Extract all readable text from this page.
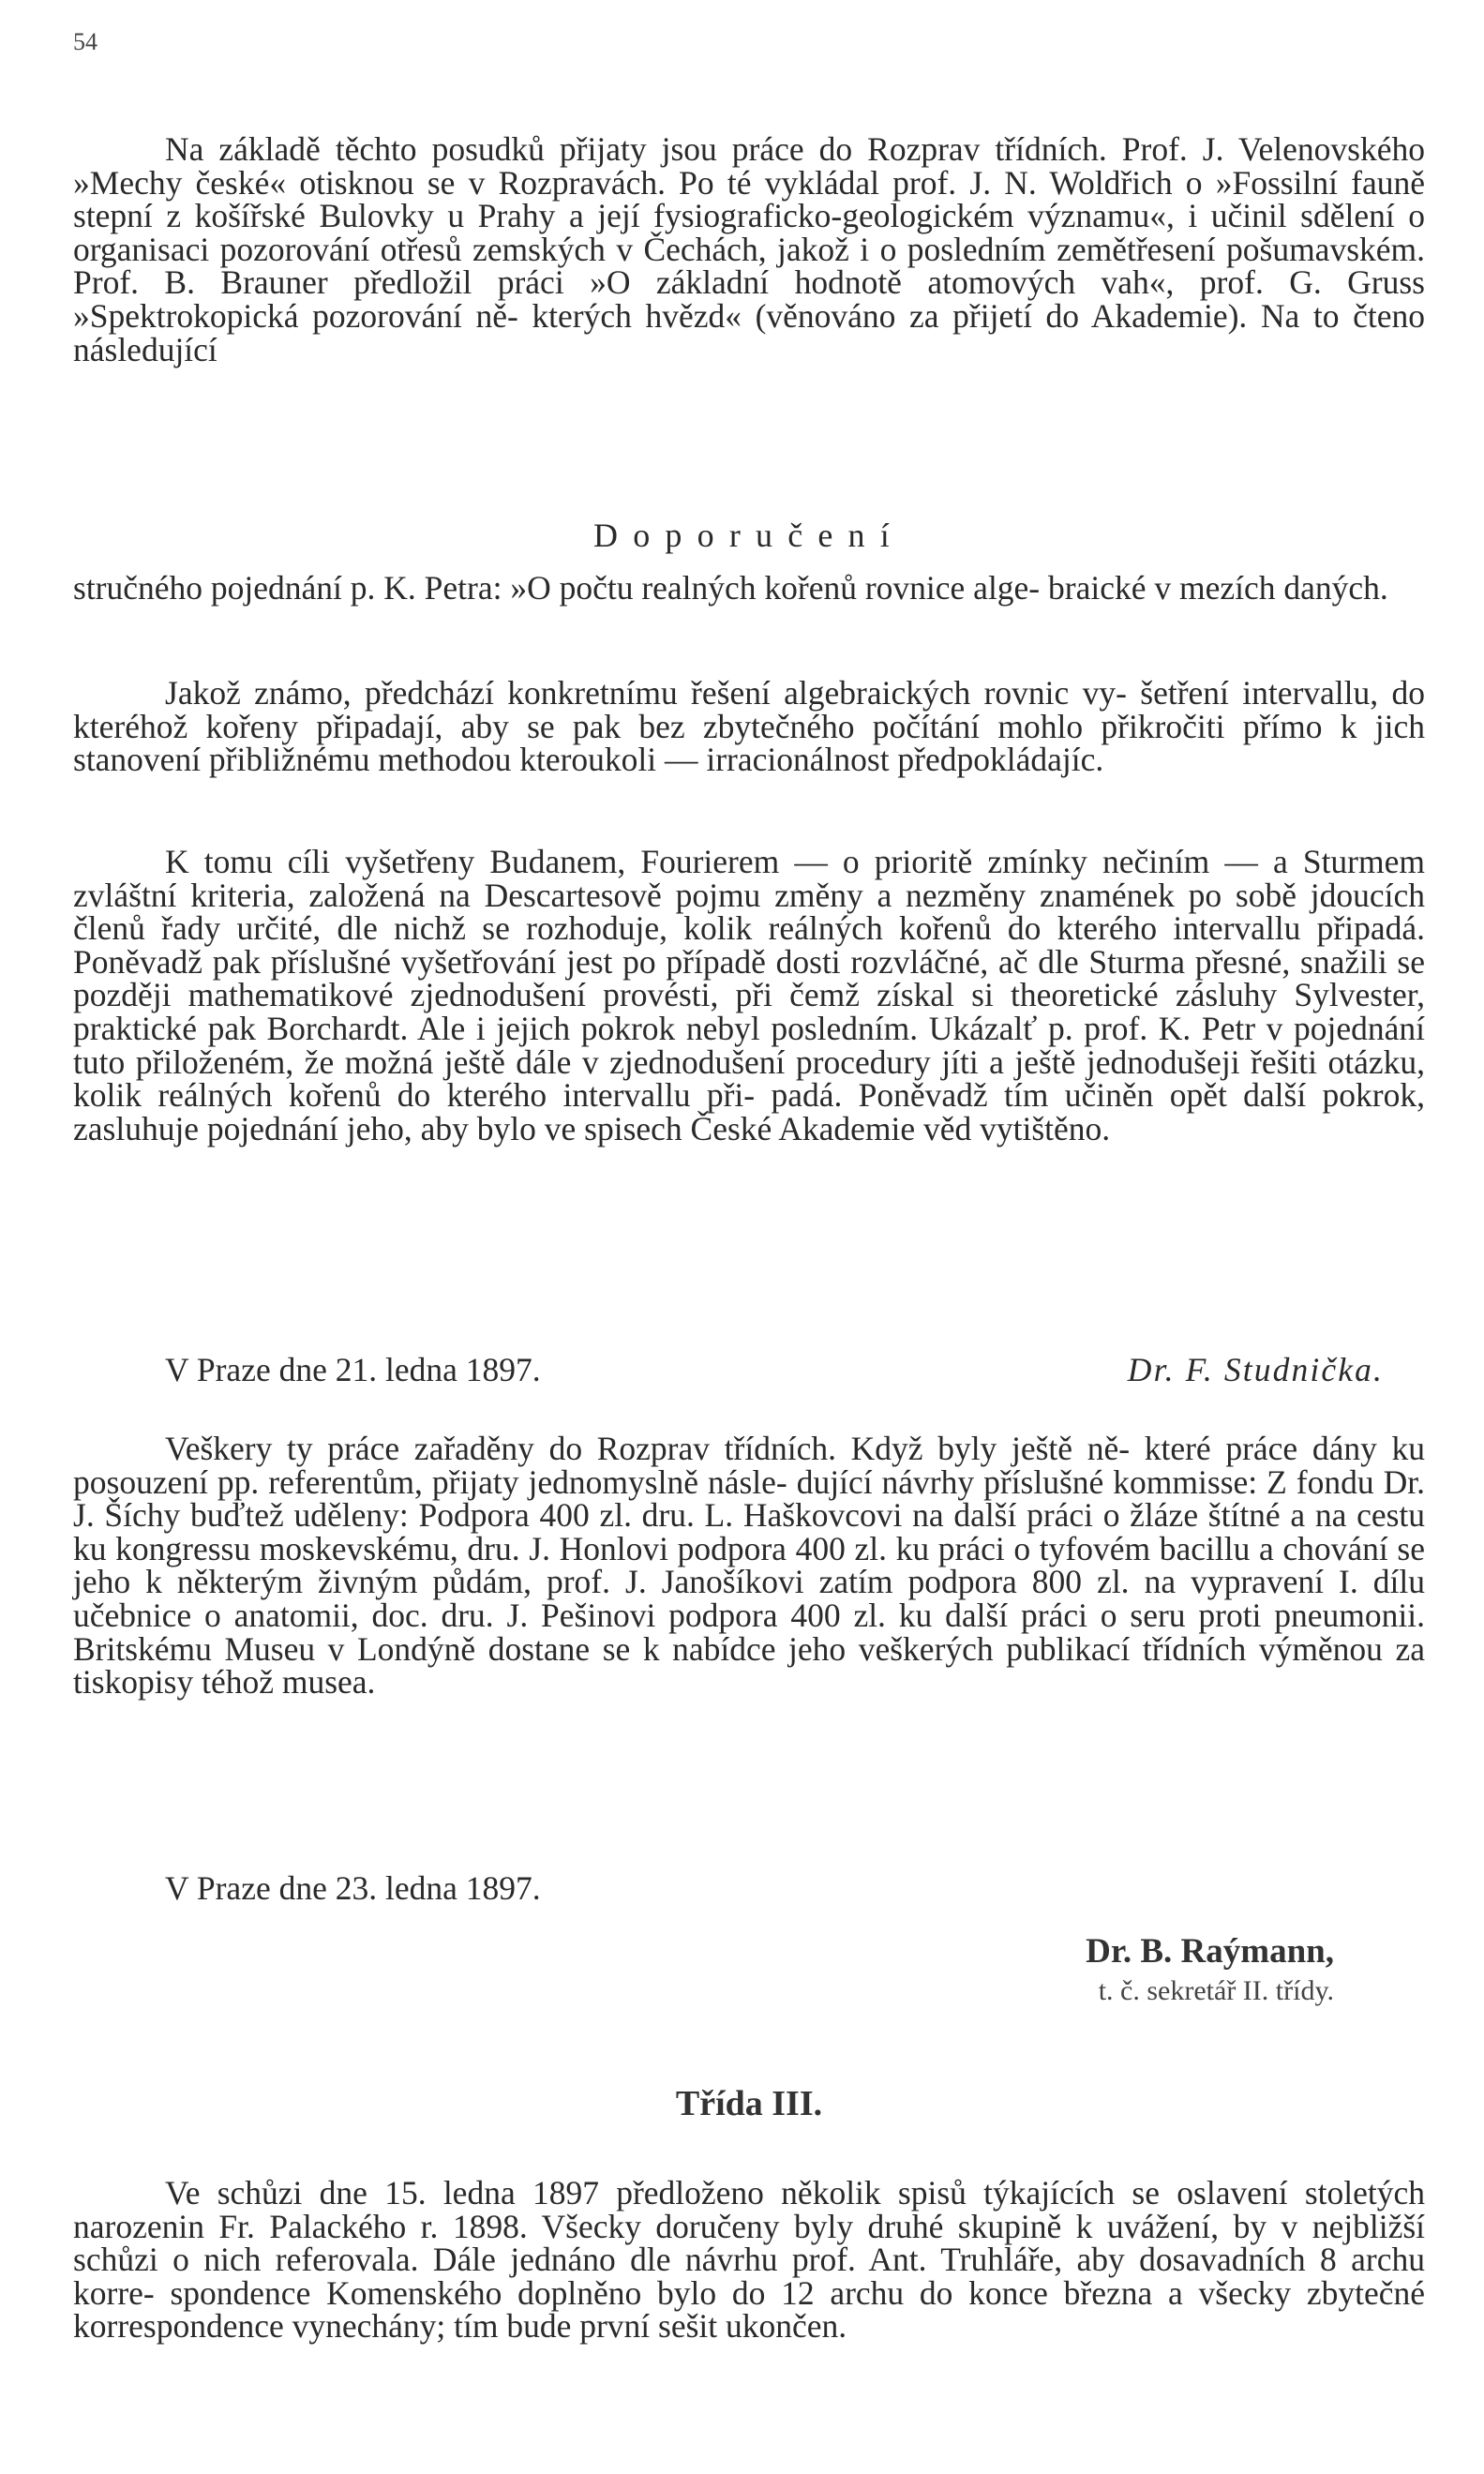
54

Na základě těchto posudků přijaty jsou práce do Rozprav třídních. Prof. J. Velenovského »Mechy české« otisknou se v Rozpravách. Po té vykládal prof. J. N. Woldřich o »Fossilní fauně stepní z košířské Bulovky u Prahy a její fysiograficko-geologickém významu«, i učinil sdělení o organisaci pozorování otřesů zemských v Čechách, jakož i o posledním zemětřesení pošumavském. Prof. B. Brauner předložil práci »O základní hodnotě atomových vah«, prof. G. Gruss »Spektrokopická pozorování ně- kterých hvězd« (věnováno za přijetí do Akademie). Na to čteno následující

Doporučení

stručného pojednání p. K. Petra: »O počtu realných kořenů rovnice alge- braické v mezích daných.

Jakož známo, předchází konkretnímu řešení algebraických rovnic vy- šetření intervallu, do kteréhož kořeny připadají, aby se pak bez zbytečného počítání mohlo přikročiti přímo k jich stanovení přibližnému methodou kteroukoli — irracionálnost předpokládajíc.

K tomu cíli vyšetřeny Budanem, Fourierem — o prioritě zmínky nečiním — a Sturmem zvláštní kriteria, založená na Descartesově pojmu změny a nezměny znamének po sobě jdoucích členů řady určité, dle nichž se rozhoduje, kolik reálných kořenů do kterého intervallu připadá. Poněvadž pak příslušné vyšetřování jest po případě dosti rozvláčné, ač dle Sturma přesné, snažili se později mathematikové zjednodušení provésti, při čemž získal si theoretické zásluhy Sylvester, praktické pak Borchardt. Ale i jejich pokrok nebyl posledním. Ukázalť p. prof. K. Petr v pojednání tuto přiloženém, že možná ještě dále v zjednodušení procedury jíti a ještě jednodušeji řešiti otázku, kolik reálných kořenů do kterého intervallu při- padá. Poněvadž tím učiněn opět další pokrok, zasluhuje pojednání jeho, aby bylo ve spisech České Akademie věd vytištěno.

V Praze dne 21. ledna 1897.	Dr. F. Studnička.

Veškery ty práce zařaděny do Rozprav třídních. Když byly ještě ně- které práce dány ku posouzení pp. referentům, přijaty jednomyslně násle- dující návrhy příslušné kommisse: Z fondu Dr. J. Šíchy buďtež uděleny: Podpora 400 zl. dru. L. Haškovcovi na další práci o žláze štítné a na cestu ku kongressu moskevskému, dru. J. Honlovi podpora 400 zl. ku práci o tyfovém bacillu a chování se jeho k některým živným půdám, prof. J. Janošíkovi zatím podpora 800 zl. na vypravení I. dílu učebnice o anatomii, doc. dru. J. Pešinovi podpora 400 zl. ku další práci o seru proti pneumonii. Britskému Museu v Londýně dostane se k nabídce jeho veškerých publikací třídních výměnou za tiskopisy téhož musea.

V Praze dne 23. ledna 1897.
Dr. B. Raýmann,
t. č. sekretář II. třídy.
Třída III.

Ve schůzi dne 15. ledna 1897 předloženo několik spisů týkajících se oslavení stoletých narozenin Fr. Palackého r. 1898. Všecky doručeny byly druhé skupině k uvážení, by v nejbližší schůzi o nich referovala. Dále jednáno dle návrhu prof. Ant. Truhláře, aby dosavadních 8 archu korre- spondence Komenského doplněno bylo do 12 archu do konce března a všecky zbytečné korrespondence vynechány; tím bude první sešit ukončen.
